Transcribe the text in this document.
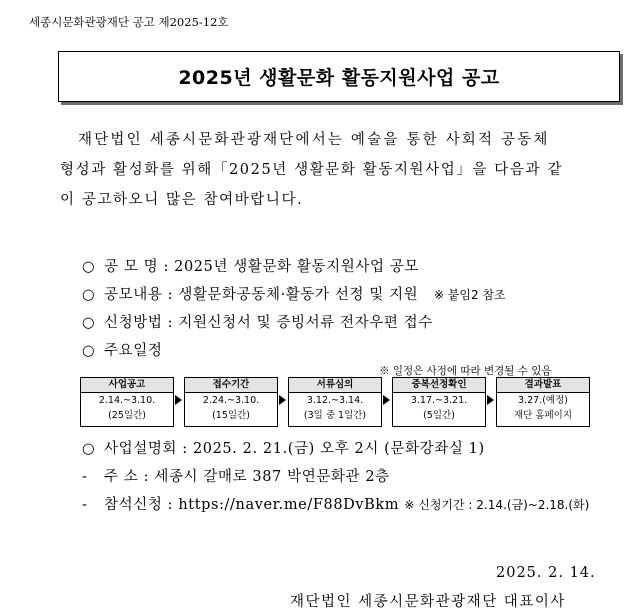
세종시문화관광재단 공고 제2025-12호
2025년 생활문화 활동지원사업 공고
재단법인 세종시문화관광재단에서는 예술을 통한 사회적 공동체
형성과 활성화를 위해「2025년 생활문화 활동지원사업」을 다음과 같
이 공고하오니 많은 참여바랍니다.
○ 공 모 명 : 2025년 생활문화 활동지원사업 공모
○ 공모내용 : 생활문화공동체·활동가 선정 및 지원 ※ 붙임2 참조
○ 신청방법 : 지원신청서 및 증빙서류 전자우편 접수
○ 주요일정
※ 일정은 사정에 따라 변경될 수 있음
사업공고
2.14.~3.10.
(25일간)
접수기간
2.24.~3.10.
(15일간)
서류심의
3.12.~3.14.
(3일 중 1일간)
중복선정확인
3.17.~3.21.
(5일간)
결과발표
3.27.(예정)
재단 홈페이지
○ 사업설명회 : 2025. 2. 21.(금) 오후 2시 (문화강좌실 1)
- 주 소 : 세종시 갈매로 387 박연문화관 2층
- 참석신청 : https://naver.me/F88DvBkm ※ 신청기간 : 2.14.(금)~2.18.(화)
2025. 2. 14.
재단법인 세종시문화관광재단 대표이사
